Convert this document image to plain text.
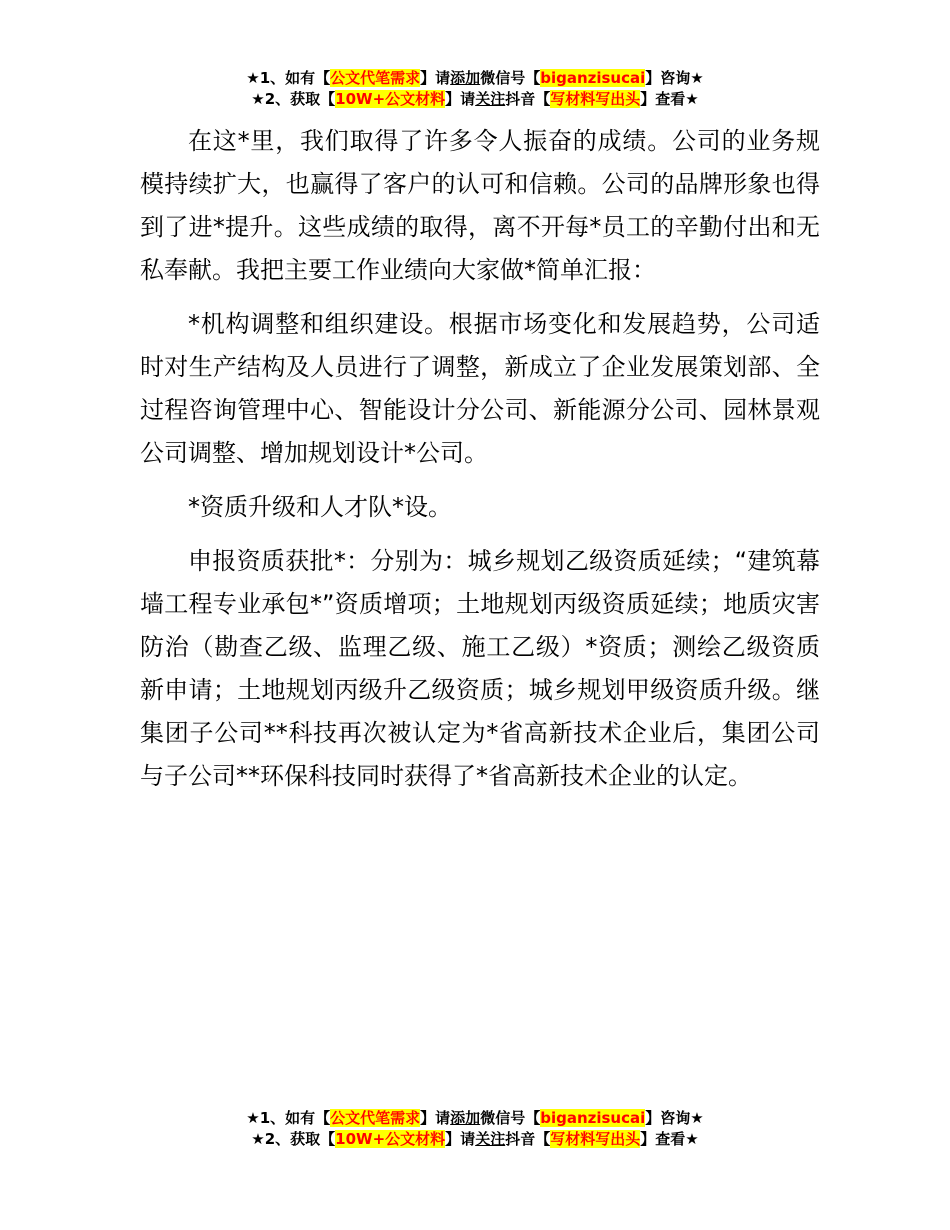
★1、如有【公文代笔需求】请添加微信号【biganzisucai】咨询★
★2、获取【10W+公文材料】请关注抖音【写材料写出头】查看★

在这*里，我们取得了许多令人振奋的成绩。公司的业务规模持续扩大，也赢得了客户的认可和信赖。公司的品牌形象也得到了进*提升。这些成绩的取得，离不开每*员工的辛勤付出和无私奉献。我把主要工作业绩向大家做*简单汇报：

*机构调整和组织建设。根据市场变化和发展趋势，公司适时对生产结构及人员进行了调整，新成立了企业发展策划部、全过程咨询管理中心、智能设计分公司、新能源分公司、园林景观公司调整、增加规划设计*公司。

*资质升级和人才队*设。

申报资质获批*：分别为：城乡规划乙级资质延续；“建筑幕墙工程专业承包*”资质增项；土地规划丙级资质延续；地质灾害防治（勘查乙级、监理乙级、施工乙级）*资质；测绘乙级资质新申请；土地规划丙级升乙级资质；城乡规划甲级资质升级。继集团子公司**科技再次被认定为*省高新技术企业后，集团公司与子公司**环保科技同时获得了*省高新技术企业的认定。

★1、如有【公文代笔需求】请添加微信号【biganzisucai】咨询★
★2、获取【10W+公文材料】请关注抖音【写材料写出头】查看★
